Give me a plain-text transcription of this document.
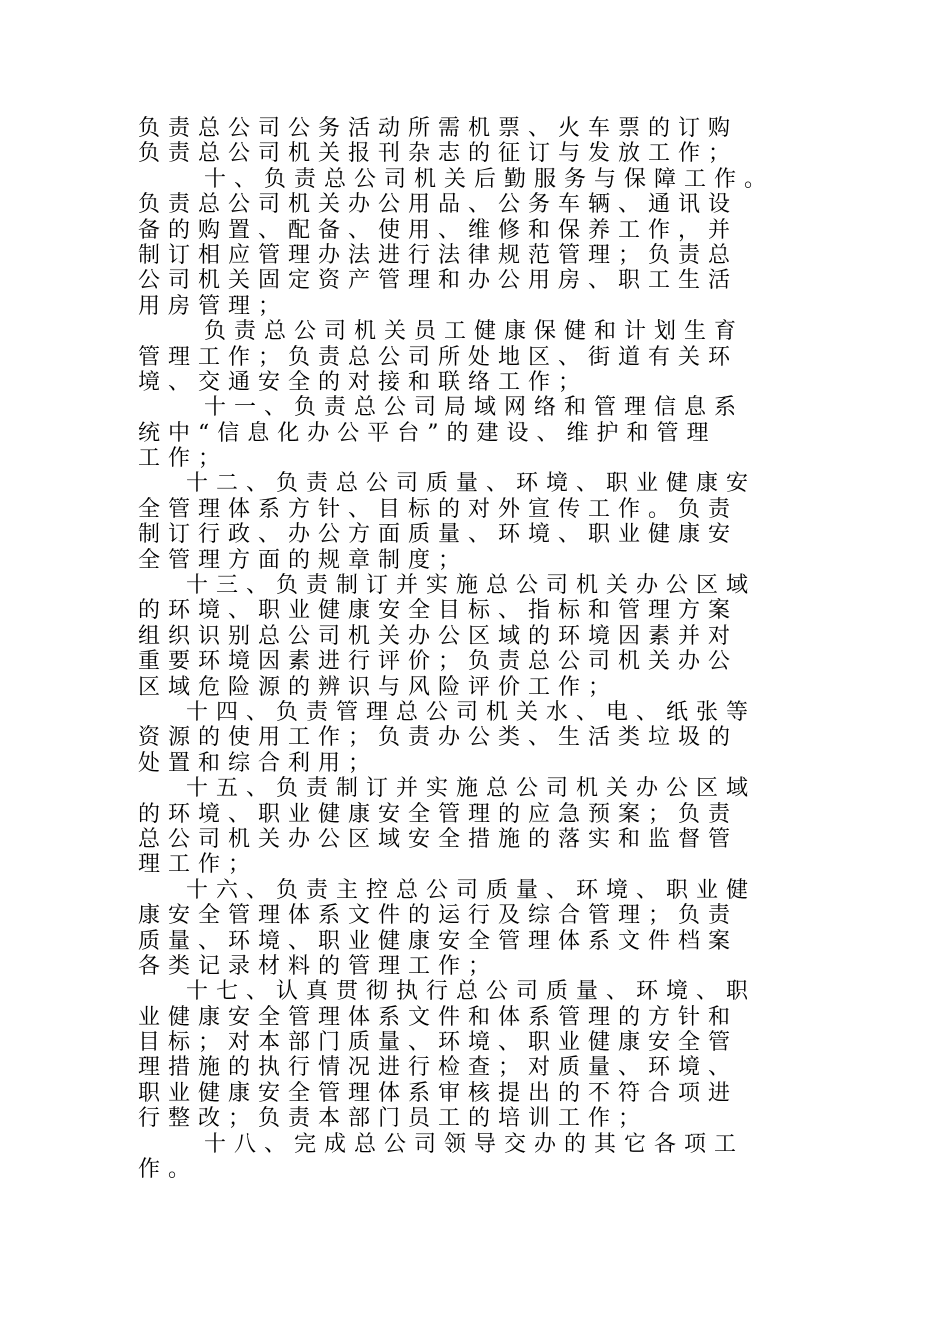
负责总公司公务活动所需机票、火车票的订购
负责总公司机关报刊杂志的征订与发放工作；
十、负责总公司机关后勤服务与保障工作。
负责总公司机关办公用品、公务车辆、通讯设
备的购置、配备、使用、维修和保养工作，并
制订相应管理办法进行法律规范管理；负责总
公司机关固定资产管理和办公用房、职工生活
用房管理；
负责总公司机关员工健康保健和计划生育
管理工作；负责总公司所处地区、街道有关环
境、交通安全的对接和联络工作；
十一、负责总公司局域网络和管理信息系
统中“信息化办公平台”的建设、维护和管理
工作；
十二、负责总公司质量、环境、职业健康安
全管理体系方针、目标的对外宣传工作。负责
制订行政、办公方面质量、环境、职业健康安
全管理方面的规章制度；
十三、负责制订并实施总公司机关办公区域
的环境、职业健康安全目标、指标和管理方案
组织识别总公司机关办公区域的环境因素并对
重要环境因素进行评价；负责总公司机关办公
区域危险源的辨识与风险评价工作；
十四、负责管理总公司机关水、电、纸张等
资源的使用工作；负责办公类、生活类垃圾的
处置和综合利用；
十五、负责制订并实施总公司机关办公区域
的环境、职业健康安全管理的应急预案；负责
总公司机关办公区域安全措施的落实和监督管
理工作；
十六、负责主控总公司质量、环境、职业健
康安全管理体系文件的运行及综合管理；负责
质量、环境、职业健康安全管理体系文件档案
各类记录材料的管理工作；
十七、认真贯彻执行总公司质量、环境、职
业健康安全管理体系文件和体系管理的方针和
目标；对本部门质量、环境、职业健康安全管
理措施的执行情况进行检查；对质量、环境、
职业健康安全管理体系审核提出的不符合项进
行整改；负责本部门员工的培训工作；
十八、完成总公司领导交办的其它各项工
作。
